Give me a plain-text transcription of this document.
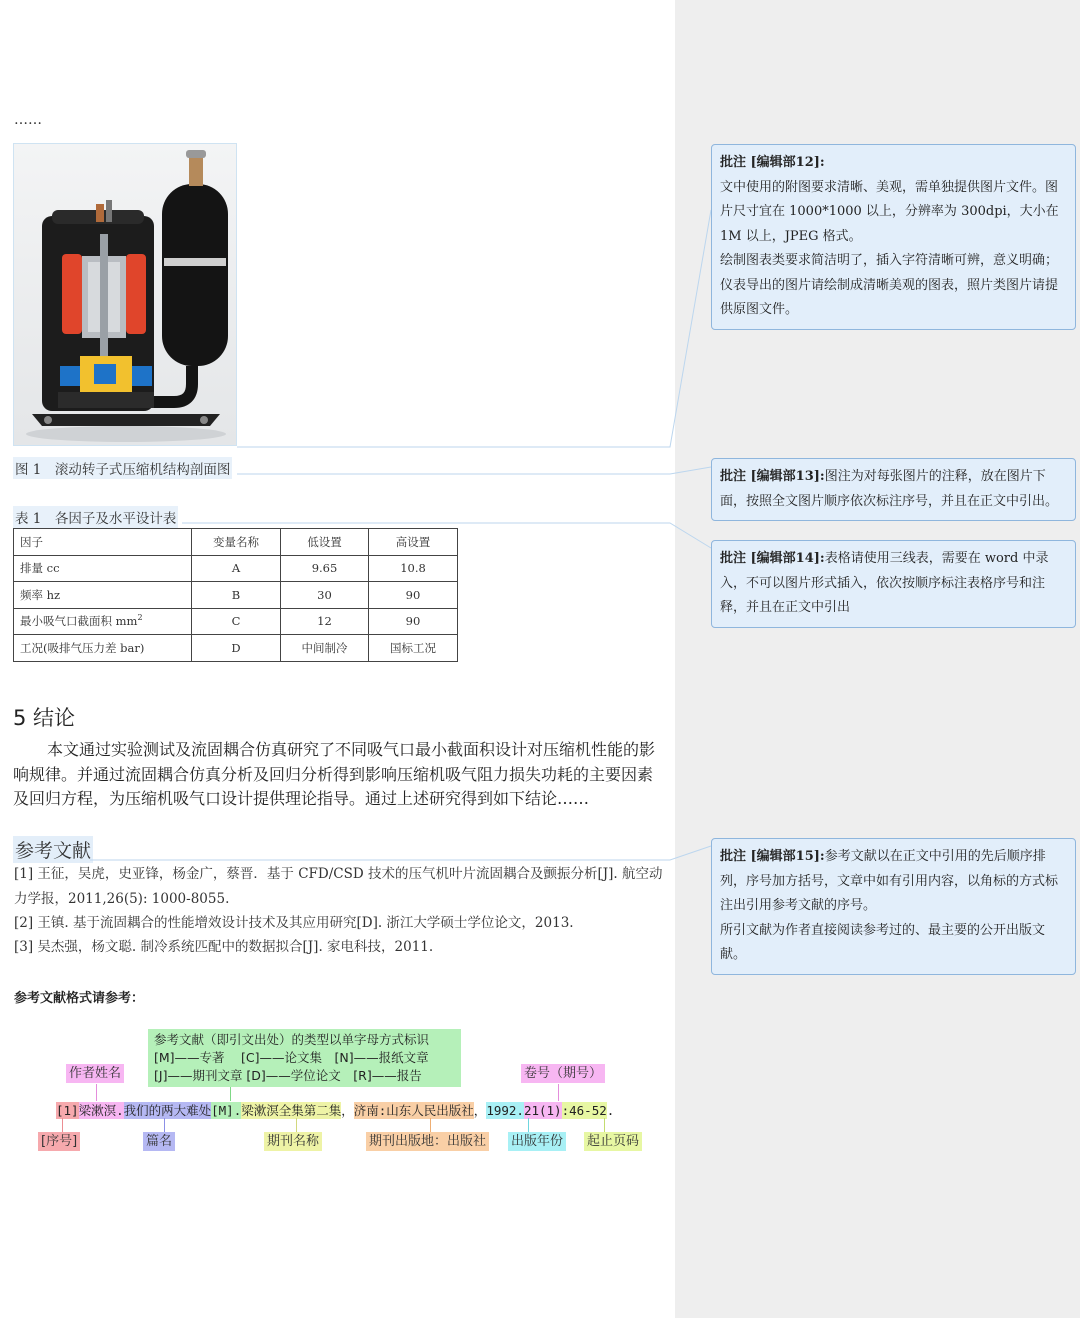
……
图 1　滚动转子式压缩机结构剖面图
表 1　各因子及水平设计表
因子	变量名称	低设置	高设置
排量 cc	A	9.65	10.8
频率 hz	B	30	90
最小吸气口截面积 $mm^2$	C	12	90
工况(吸排气压力差 bar)	D	中间制冷	国标工况
5 结论
本文通过实验测试及流固耦合仿真研究了不同吸气口最小截面积设计对压缩机性能的影响规律。并通过流固耦合仿真分析及回归分析得到影响压缩机吸气阻力损失功耗的主要因素及回归方程，为压缩机吸气口设计提供理论指导。通过上述研究得到如下结论……
参考文献
[1] 王征，吴虎，史亚锋，杨金广，蔡晋．基于 CFD/CSD 技术的压气机叶片流固耦合及颤振分析[J]. 航空动力学报，2011,26(5): 1000-8055.
[2] 王镇. 基于流固耦合的性能增效设计技术及其应用研究[D]. 浙江大学硕士学位论文，2013.
[3] 吴杰强，杨文聪. 制冷系统匹配中的数据拟合[J]. 家电科技，2011.
参考文献格式请参考：
参考文献（即引文出处）的类型以单字母方式标识
[M]——专著　 [C]——论文集　[N]——报纸文章
[J]——期刊文章 [D]——学位论文　[R]——报告
作者姓名	卷号（期号）
[1]梁漱溟.我们的两大难处[M].梁漱溟全集第二集，济南:山东人民出版社，1992.21(1):46-52.
[序号]	篇名	期刊名称	期刊出版地：出版社 出版年份 起止页码
批注 [编辑部12]:
文中使用的附图要求清晰、美观，需单独提供图片文件。图片尺寸宜在 1000*1000 以上，分辨率为 300dpi，大小在 1M 以上，JPEG 格式。
绘制图表类要求简洁明了，插入字符清晰可辨，意义明确；仪表导出的图片请绘制成清晰美观的图表，照片类图片请提供原图文件。
批注 [编辑部13]:图注为对每张图片的注释，放在图片下面，按照全文图片顺序依次标注序号，并且在正文中引出。
批注 [编辑部14]:表格请使用三线表，需要在 word 中录入，不可以图片形式插入，依次按顺序标注表格序号和注释，并且在正文中引出
批注 [编辑部15]:参考文献以在正文中引用的先后顺序排列，序号加方括号，文章中如有引用内容，以角标的方式标注出引用参考文献的序号。
所引文献为作者直接阅读参考过的、最主要的公开出版文献。
